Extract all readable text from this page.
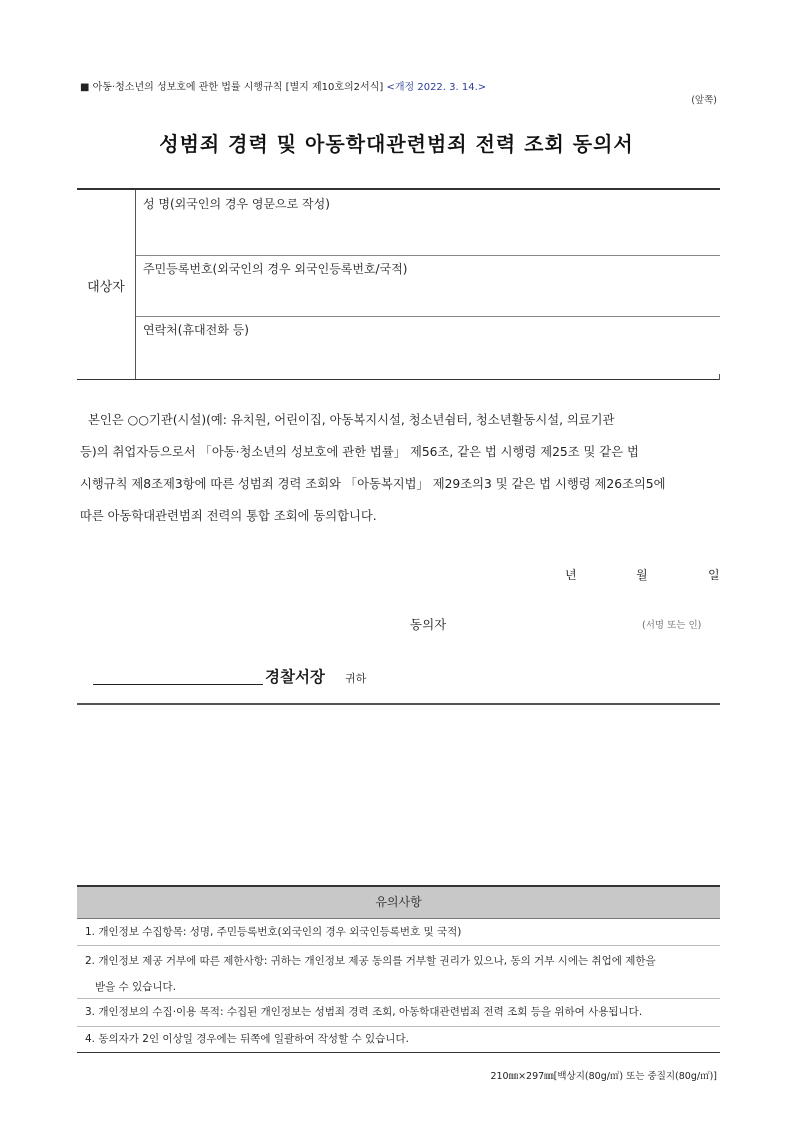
■ 아동·청소년의 성보호에 관한 법률 시행규칙 [별지 제10호의2서식] <개정 2022. 3. 14.>
(앞쪽)
성범죄 경력 및 아동학대관련범죄 전력 조회 동의서
대상자
성 명(외국인의 경우 영문으로 작성)
주민등록번호(외국인의 경우 외국인등록번호/국적)
연락처(휴대전화 등)

본인은 ○○기관(시설)(예: 유치원, 어린이집, 아동복지시설, 청소년쉼터, 청소년활동시설, 의료기관

등)의 취업자등으로서 「아동·청소년의 성보호에 관한 법률」 제56조, 같은 법 시행령 제25조 및 같은 법

시행규칙 제8조제3항에 따른 성범죄 경력 조회와 「아동복지법」 제29조의3 및 같은 법 시행령 제26조의5에

따른 아동학대관련범죄 전력의 통합 조회에 동의합니다.

년	월	일
동의자	(서명 또는 인)
경찰서장 귀하
유의사항
1. 개인정보 수집항목: 성명, 주민등록번호(외국인의 경우 외국인등록번호 및 국적)
2. 개인정보 제공 거부에 따른 제한사항: 귀하는 개인정보 제공 동의를 거부할 권리가 있으나, 동의 거부 시에는 취업에 제한을
받을 수 있습니다.
3. 개인정보의 수집·이용 목적: 수집된 개인정보는 성범죄 경력 조회, 아동학대관련범죄 전력 조회 등을 위하여 사용됩니다.
4. 동의자가 2인 이상일 경우에는 뒤쪽에 일괄하여 작성할 수 있습니다.
210㎜×297㎜[백상지(80g/㎡) 또는 중질지(80g/㎡)]
